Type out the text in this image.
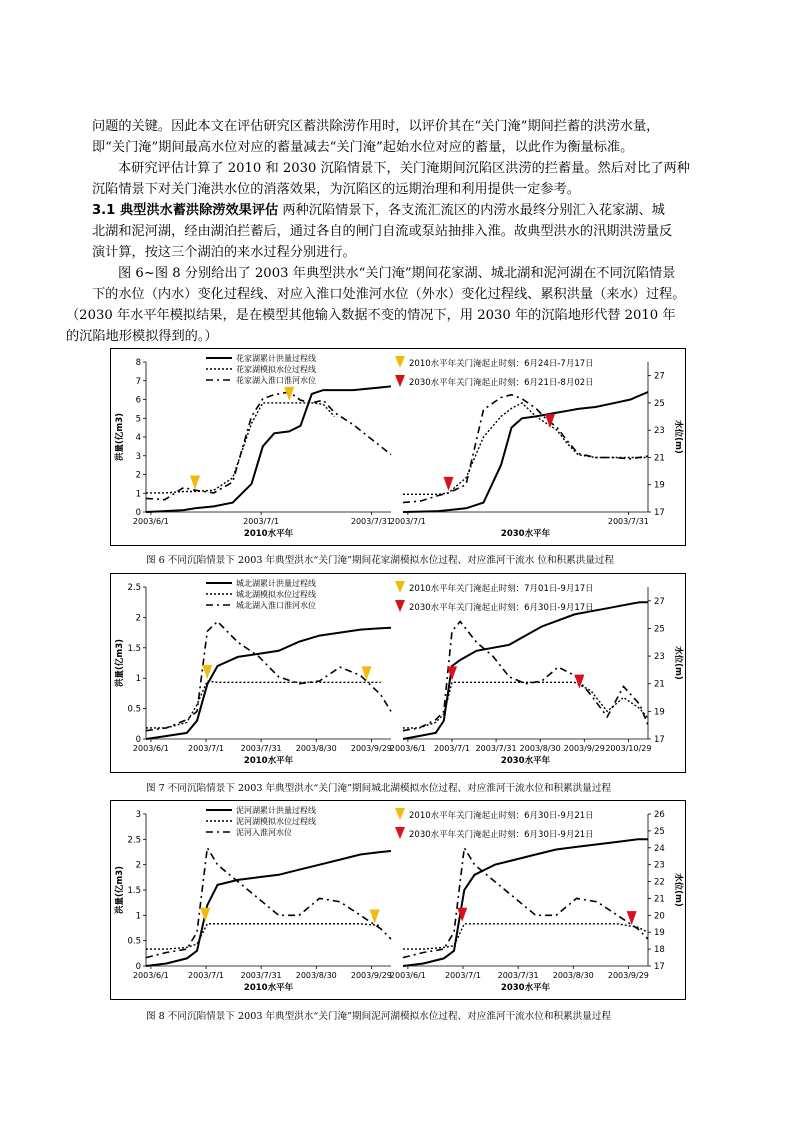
问题的关键。因此本文在评估研究区蓄洪除涝作用时，以评价其在“关门淹”期间拦蓄的洪涝水量，
即“关门淹”期间最高水位对应的蓄量减去“关门淹”起始水位对应的蓄量，以此作为衡量标准。

本研究评估计算了 2010 和 2030 沉陷情景下，关门淹期间沉陷区洪涝的拦蓄量。然后对比了两种
沉陷情景下对关门淹洪水位的消落效果，为沉陷区的远期治理和利用提供一定参考。

3.1 典型洪水蓄洪除涝效果评估 两种沉陷情景下，各支流汇流区的内涝水最终分别汇入花家湖、城
北湖和泥河湖，经由湖泊拦蓄后，通过各自的闸门自流或泵站抽排入淮。故典型洪水的汛期洪涝量反
演计算，按这三个湖泊的来水过程分别进行。

图 6~图 8 分别给出了 2003 年典型洪水“关门淹”期间花家湖、城北湖和泥河湖在不同沉陷情景
下的水位（内水）变化过程线、对应入淮口处淮河水位（外水）变化过程线、累积洪量（来水）过程。
（2030 年水平年模拟结果，是在模型其他输入数据不变的情况下，用 2030 年的沉陷地形代替 2010 年
的沉陷地形模拟得到的。）

0
1
2
3
4
5
6
7
8
洪量(亿m3)
17
19
21
23
25
27
水位(m)
2003/6/1	2003/7/1	2003/7/31
2010水平年
2003/7/1	2003/7/31
2030水平年
花家湖累计洪量过程线
花家湖模拟水位过程线
花家湖入淮口淮河水位
2010水平年关门淹起止时刻：6月24日-7月17日
2030水平年关门淹起止时刻：6月21日-8月02日
图 6 不同沉陷情景下 2003 年典型洪水“关门淹”期间花家湖模拟水位过程、对应淮河干流水 位和积累洪量过程
0
0.5
1
1.5
2
2.5
洪量(亿m3)
17
19
21
23
25
27
水位(m)
2003/6/1 2003/7/1 2003/7/31 2003/8/30 2003/9/29
2010水平年
2003/6/1 2003/7/1 2003/7/31 2003/8/30 2003/9/29 2003/10/29
2030水平年
城北湖累计洪量过程线
城北湖模拟水位过程线
城北湖入淮口淮河水位
2010水平年关门淹起止时刻：7月01日-9月17日
2030水平年关门淹起止时刻：6月30日-9月17日
图 7 不同沉陷情景下 2003 年典型洪水“关门淹”期间城北湖模拟水位过程、对应淮河干流水位和积累洪量过程
0
0.5
1
1.5
2
2.5
3
洪量(亿m3)
17
18
19
20
21
22
23
24
25
26
水位(m)
2003/6/1 2003/7/1 2003/7/31 2003/8/30 2003/9/29
2010水平年
2003/6/1 2003/7/1 2003/7/31 2003/8/30 2003/9/29
2030水平年
泥河湖累计洪量过程线
泥河湖模拟水位过程线
泥河入淮河水位
2010水平年关门淹起止时刻：6月30日-9月21日
2030水平年关门淹起止时刻：6月30日-9月21日
图 8 不同沉陷情景下 2003 年典型洪水“关门淹”期间泥河湖模拟水位过程、对应淮河干流水位和积累洪量过程
